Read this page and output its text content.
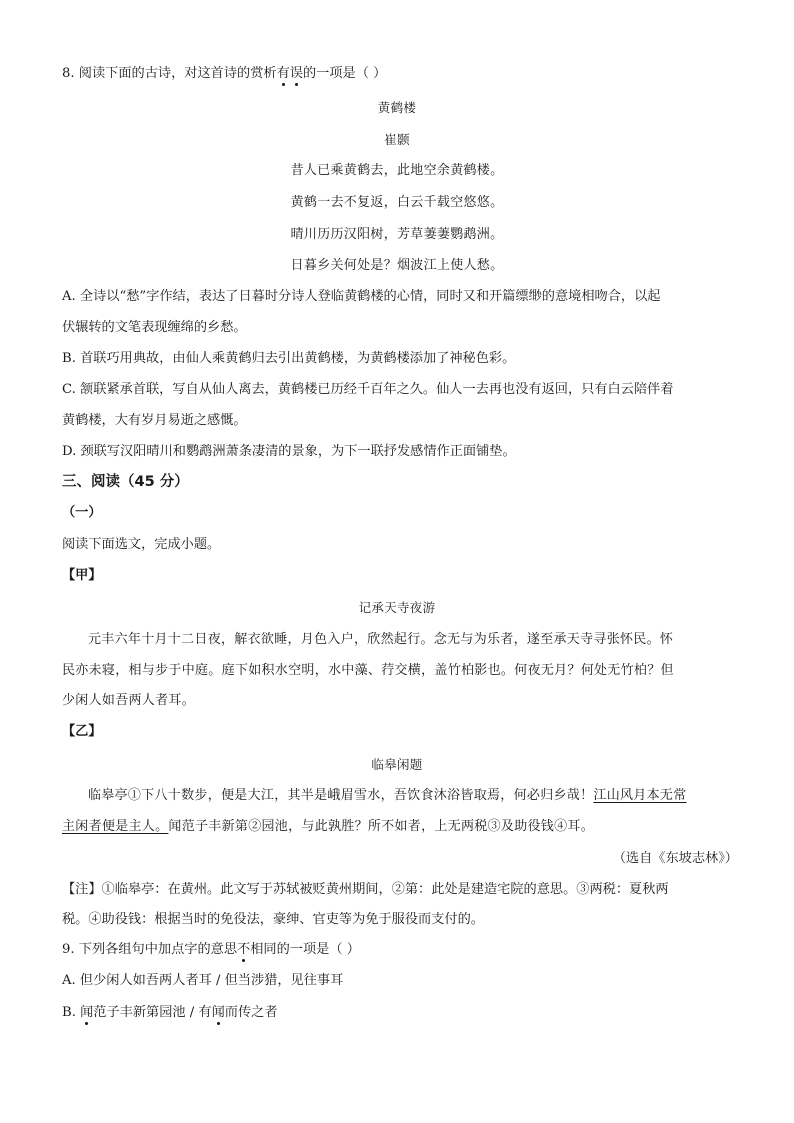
8. 阅读下面的古诗，对这首诗的赏析有误的一项是（ ）
黄鹤楼
崔颢
昔人已乘黄鹤去，此地空余黄鹤楼。
黄鹤一去不复返，白云千载空悠悠。
晴川历历汉阳树，芳草萋萋鹦鹉洲。
日暮乡关何处是？烟波江上使人愁。
A. 全诗以“愁”字作结，表达了日暮时分诗人登临黄鹤楼的心情，同时又和开篇缥缈的意境相吻合，以起
伏辗转的文笔表现缠绵的乡愁。
B. 首联巧用典故，由仙人乘黄鹤归去引出黄鹤楼，为黄鹤楼添加了神秘色彩。
C. 颔联紧承首联，写自从仙人离去，黄鹤楼已历经千百年之久。仙人一去再也没有返回，只有白云陪伴着
黄鹤楼，大有岁月易逝之感慨。
D. 颈联写汉阳晴川和鹦鹉洲萧条凄清的景象，为下一联抒发感情作正面铺垫。
三、阅读（45 分）
（一）
阅读下面选文，完成小题。
【甲】
记承天寺夜游
元丰六年十月十二日夜，解衣欲睡，月色入户，欣然起行。念无与为乐者，遂至承天寺寻张怀民。怀
民亦未寝，相与步于中庭。庭下如积水空明，水中藻、荇交横，盖竹柏影也。何夜无月？何处无竹柏？但
少闲人如吾两人者耳。
【乙】
临皋闲题
临皋亭①下八十数步，便是大江，其半是峨眉雪水，吾饮食沐浴皆取焉，何必归乡哉！江山风月本无常
主闲者便是主人。闻范子丰新第②园池，与此孰胜？所不如者，上无两税③及助役钱④耳。
（选自《东坡志林》）
【注】①临皋亭：在黄州。此文写于苏轼被贬黄州期间，②第：此处是建造宅院的意思。③两税：夏秋两
税。④助役钱：根据当时的免役法，豪绅、官吏等为免于服役而支付的。
9. 下列各组句中加点字的意思不相同的一项是（ ）
A. 但少闲人如吾两人者耳 / 但当涉猎，见往事耳
B. 闻范子丰新第园池 / 有闻而传之者
